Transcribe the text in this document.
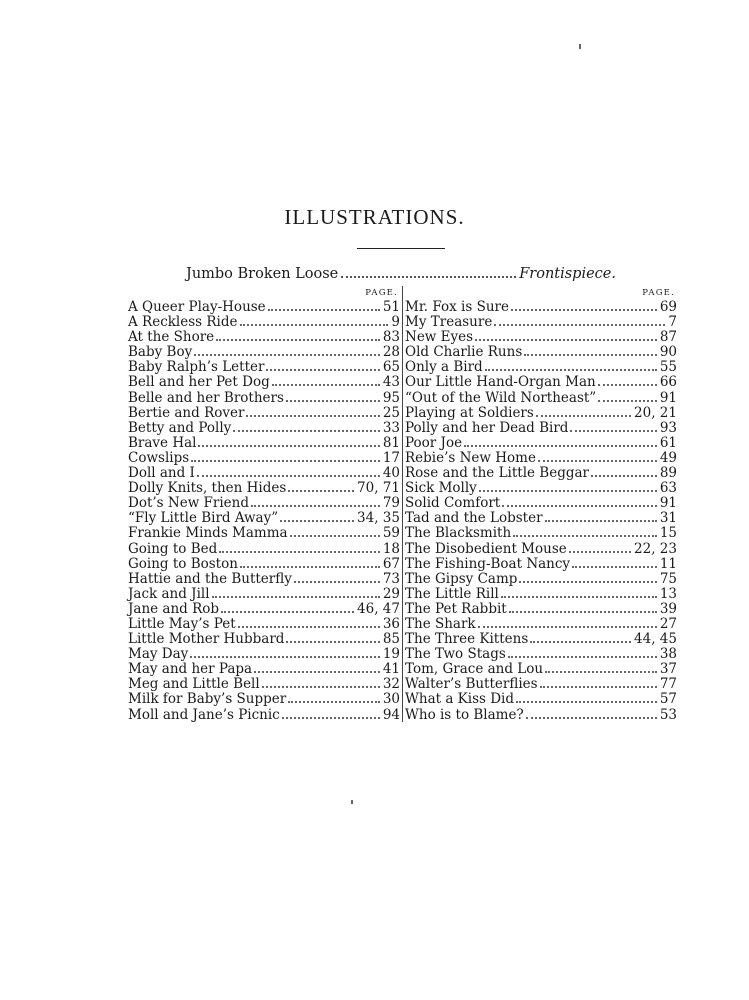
ILLUSTRATIONS.
Jumbo Broken Loose	Frontispiece.
PAGE.
A Queer Play-House	51
A Reckless Ride	9
At the Shore	83
Baby Boy	28
Baby Ralph’s Letter	65
Bell and her Pet Dog	43
Belle and her Brothers	95
Bertie and Rover	25
Betty and Polly	33
Brave Hal	81
Cowslips	17
Doll and I	40
Dolly Knits, then Hides	70, 71
Dot’s New Friend	79
“Fly Little Bird Away”	34, 35
Frankie Minds Mamma	59
Going to Bed	18
Going to Boston	67
Hattie and the Butterfly	73
Jack and Jill	29
Jane and Rob	46, 47
Little May’s Pet	36
Little Mother Hubbard	85
May Day	19
May and her Papa	41
Meg and Little Bell	32
Milk for Baby’s Supper	30
Moll and Jane’s Picnic	94
PAGE.
Mr. Fox is Sure	69
My Treasure	7
New Eyes	87
Old Charlie Runs	90
Only a Bird	55
Our Little Hand-Organ Man	66
“Out of the Wild Northeast”	91
Playing at Soldiers	20, 21
Polly and her Dead Bird	93
Poor Joe	61
Rebie’s New Home	49
Rose and the Little Beggar	89
Sick Molly	63
Solid Comfort	91
Tad and the Lobster	31
The Blacksmith	15
The Disobedient Mouse	22, 23
The Fishing-Boat Nancy	11
The Gipsy Camp	75
The Little Rill	13
The Pet Rabbit	39
The Shark	27
The Three Kittens	44, 45
The Two Stags	38
Tom, Grace and Lou	37
Walter’s Butterflies	77
What a Kiss Did	57
Who is to Blame?	53
